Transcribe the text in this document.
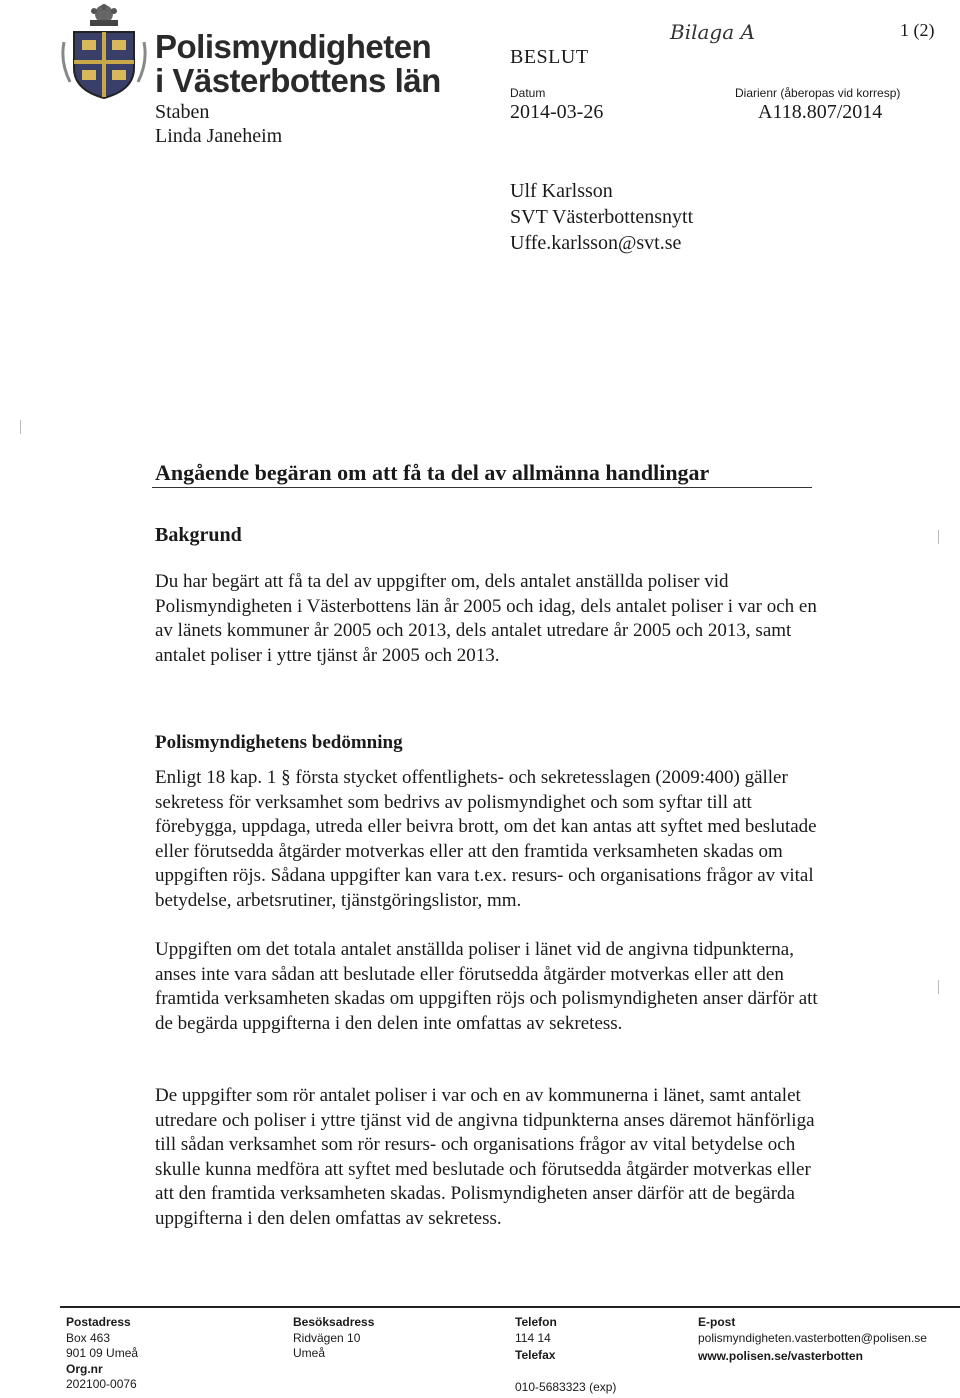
Polismyndigheten
i Västerbottens län
Staben
Linda Janeheim
BESLUT
Datum
2014-03-26
Bilaga A	1 (2)
Diarienr (åberopas vid korresp)
A118.807/2014
Ulf Karlsson
SVT Västerbottensnytt
Uffe.karlsson@svt.se
Angående begäran om att få ta del av allmänna handlingar
Bakgrund
Du har begärt att få ta del av uppgifter om, dels antalet anställda poliser vid Polismyndigheten i Västerbottens län år 2005 och idag, dels antalet poliser i var och en av länets kommuner år 2005 och 2013, dels antalet utredare år 2005 och 2013, samt antalet poliser i yttre tjänst år 2005 och 2013.
Polismyndighetens bedömning
Enligt 18 kap. 1 § första stycket offentlighets- och sekretesslagen (2009:400) gäller sekretess för verksamhet som bedrivs av polismyndighet och som syftar till att förebygga, uppdaga, utreda eller beivra brott, om det kan antas att syftet med beslutade eller förutsedda åtgärder motverkas eller att den framtida verksamheten skadas om uppgiften röjs. Sådana uppgifter kan vara t.ex. resurs- och organisations frågor av vital betydelse, arbetsrutiner, tjänstgöringslistor, mm.
Uppgiften om det totala antalet anställda poliser i länet vid de angivna tidpunkterna, anses inte vara sådan att beslutade eller förutsedda åtgärder motverkas eller att den framtida verksamheten skadas om uppgiften röjs och polismyndigheten anser därför att de begärda uppgifterna i den delen inte omfattas av sekretess.
De uppgifter som rör antalet poliser i var och en av kommunerna i länet, samt antalet utredare och poliser i yttre tjänst vid de angivna tidpunkterna anses däremot hänförliga till sådan verksamhet som rör resurs- och organisations frågor av vital betydelse och skulle kunna medföra att syftet med beslutade och förutsedda åtgärder motverkas eller att den framtida verksamheten skadas. Polismyndigheten anser därför att de begärda uppgifterna i den delen omfattas av sekretess.
Postadress
Box 463
901 09 Umeå
Org.nr
202100-0076
Besöksadress
Ridvägen 10
Umeå
Telefon
114 14
Telefax
010-5683323 (exp)
E-post
polismyndigheten.vasterbotten@polisen.se
www.polisen.se/vasterbotten
